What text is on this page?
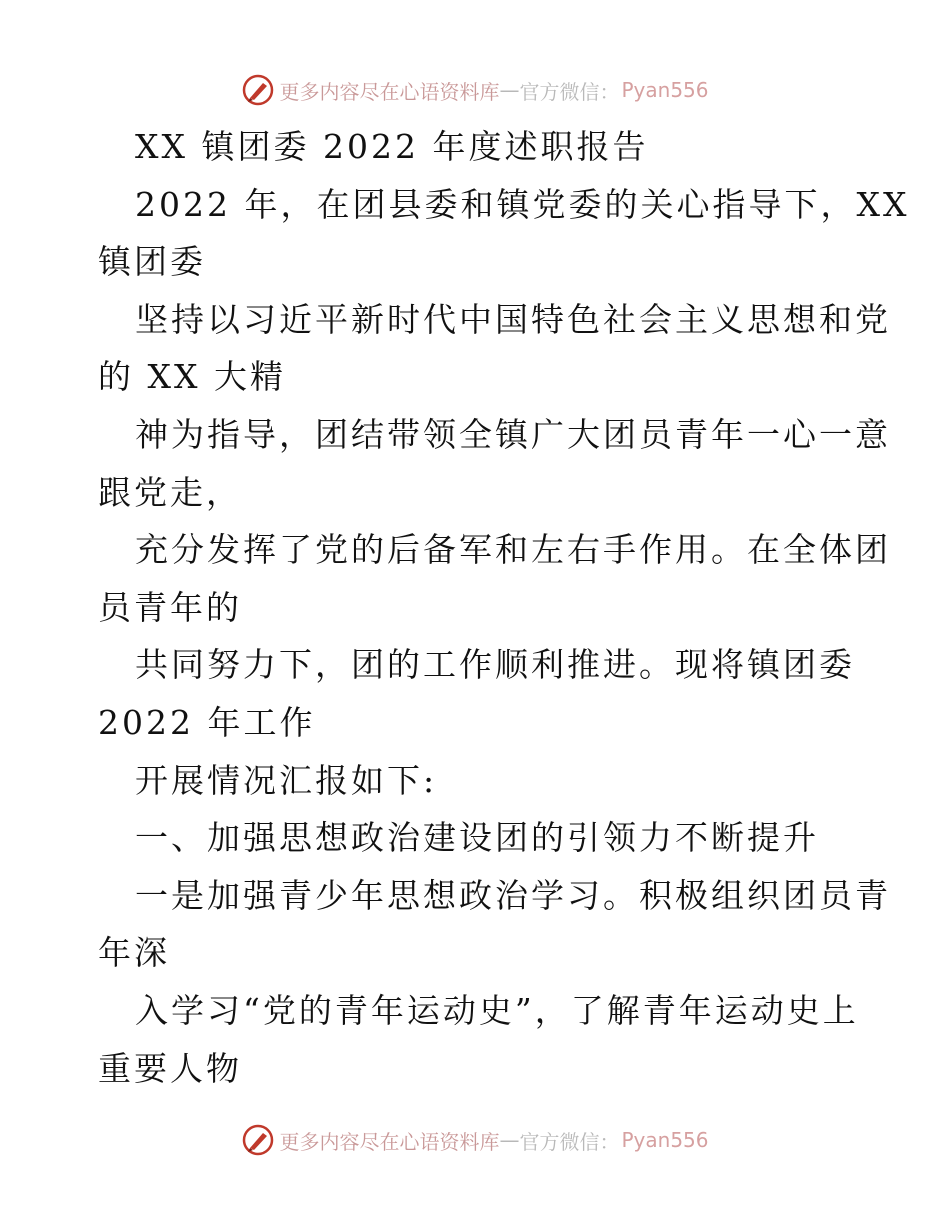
更多内容尽在心语资料库 — 官方微信： Pyan556
XX 镇团委 2022 年度述职报告
2022 年，在团县委和镇党委的关心指导下，XX
镇团委
坚持以习近平新时代中国特色社会主义思想和党
的 XX 大精
神为指导，团结带领全镇广大团员青年一心一意
跟党走，
充分发挥了党的后备军和左右手作用。在全体团
员青年的
共同努力下，团的工作顺利推进。现将镇团委
2022 年工作
开展情况汇报如下:
一、加强思想政治建设团的引领力不断提升
一是加强青少年思想政治学习。积极组织团员青
年深
入学习“党的青年运动史”，了解青年运动史上
重要人物
更多内容尽在心语资料库 — 官方微信： Pyan556
